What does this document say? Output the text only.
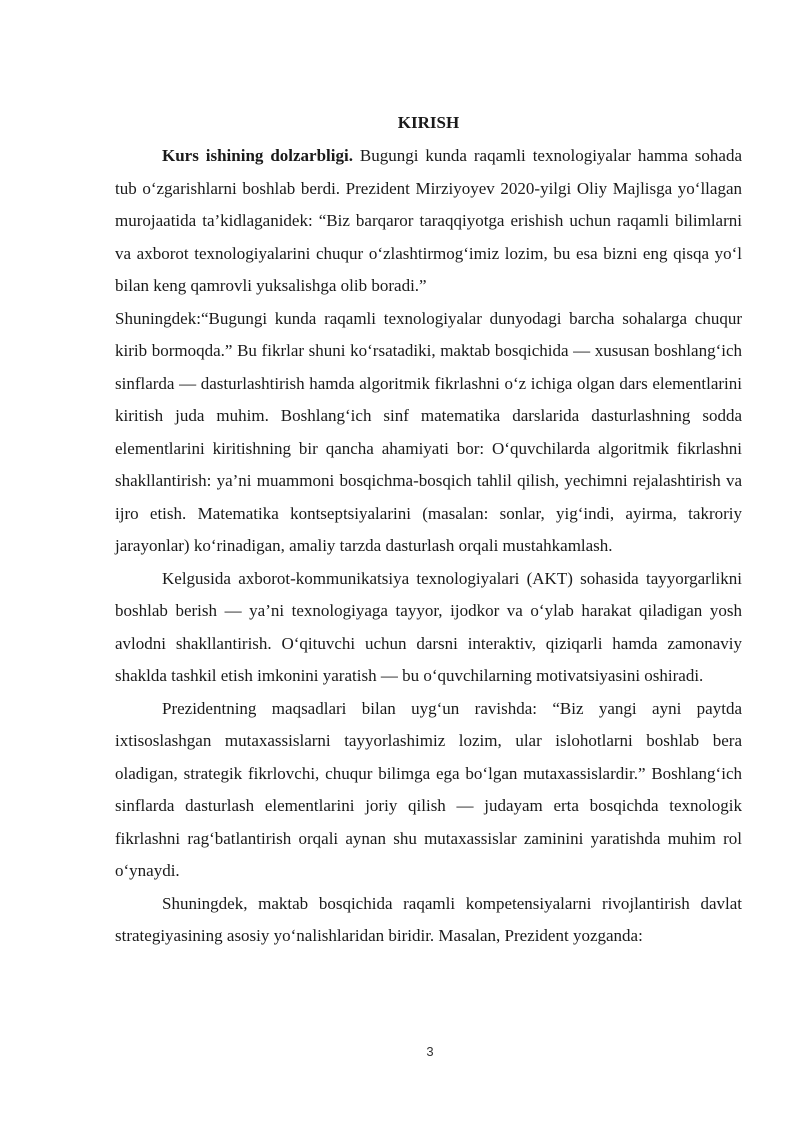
KIRISH

Kurs ishining dolzarbligi. Bugungi kunda raqamli texnologiyalar hamma sohada tub o‘zgarishlarni boshlab berdi. Prezident Mirziyoyev 2020-yilgi Oliy Majlisga yo‘llagan murojaatida ta’kidlaganidek: “Biz barqaror taraqqiyotga erishish uchun raqamli bilimlarni va axborot texnologiyalarini chuqur o‘zlashtirmog‘imiz lozim, bu esa bizni eng qisqa yo‘l bilan keng qamrovli yuksalishga olib boradi.”

Shuningdek:“Bugungi kunda raqamli texnologiyalar dunyodagi barcha sohalarga chuqur kirib bormoqda.” Bu fikrlar shuni ko‘rsatadiki, maktab bosqichida — xususan boshlang‘ich sinflarda — dasturlashtirish hamda algoritmik fikrlashni o‘z ichiga olgan dars elementlarini kiritish juda muhim. Boshlang‘ich sinf matematika darslarida dasturlashning sodda elementlarini kiritishning bir qancha ahamiyati bor: O‘quvchilarda algoritmik fikrlashni shakllantirish: ya’ni muammoni bosqichma-bosqich tahlil qilish, yechimni rejalashtirish va ijro etish. Matematika kontseptsiyalarini (masalan: sonlar, yig‘indi, ayirma, takroriy jarayonlar) ko‘rinadigan, amaliy tarzda dasturlash orqali mustahkamlash.

Kelgusida axborot-kommunikatsiya texnologiyalari (AKT) sohasida tayyorgarlikni boshlab berish — ya’ni texnologiyaga tayyor, ijodkor va o‘ylab harakat qiladigan yosh avlodni shakllantirish. O‘qituvchi uchun darsni interaktiv, qiziqarli hamda zamonaviy shaklda tashkil etish imkonini yaratish — bu o‘quvchilarning motivatsiyasini oshiradi.

Prezidentning maqsadlari bilan uyg‘un ravishda: “Biz yangi ayni paytda ixtisoslashgan mutaxassislarni tayyorlashimiz lozim, ular islohotlarni boshlab bera oladigan, strategik fikrlovchi, chuqur bilimga ega bo‘lgan mutaxassislardir.” Boshlang‘ich sinflarda dasturlash elementlarini joriy qilish — judayam erta bosqichda texnologik fikrlashni rag‘batlantirish orqali aynan shu mutaxassislar zaminini yaratishda muhim rol o‘ynaydi.

Shuningdek, maktab bosqichida raqamli kompetensiyalarni rivojlantirish davlat strategiyasining asosiy yo‘nalishlaridan biridir. Masalan, Prezident yozganda:

3
